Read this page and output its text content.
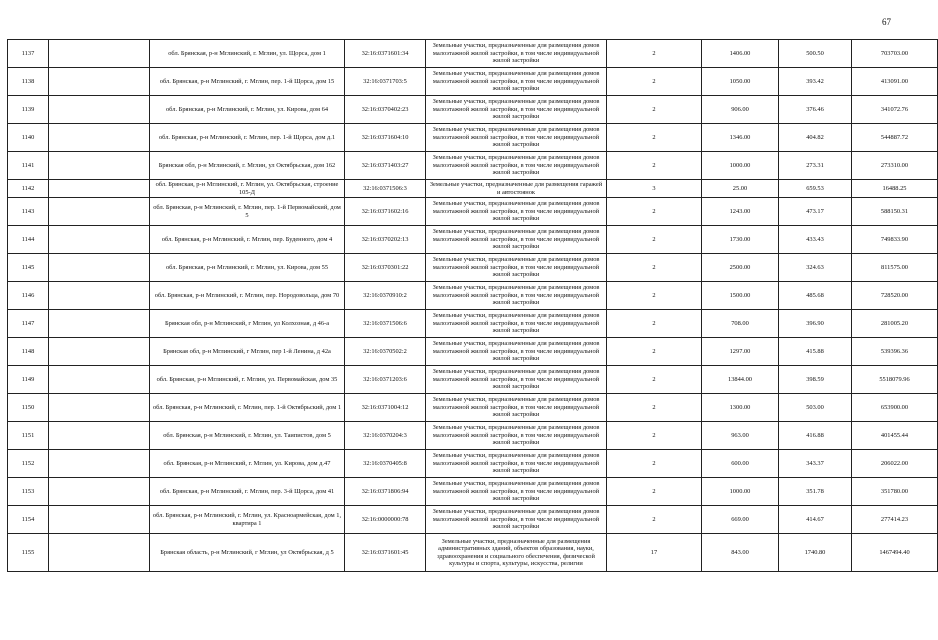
67
1137		обл. Брянская, р-н Мглинский, г. Мглин, ул. Щорса, дом 1	32:16:0371601:34	Земельные участки, предназначенные для размещения домов малоэтажной жилой застройки, в том числе индивидуальной жилой застройки	2	1406.00	500.50	703703.00
1138		обл. Брянская, р-н Мглинский, г. Мглин, пер. 1-й Щорса, дом 15	32:16:0371703:5	Земельные участки, предназначенные для размещения домов малоэтажной жилой застройки, в том числе индивидуальной жилой застройки	2	1050.00	393.42	413091.00
1139		обл. Брянская, р-н Мглинский, г. Мглин, ул. Кирова, дом 64	32:16:0370402:23	Земельные участки, предназначенные для размещения домов малоэтажной жилой застройки, в том числе индивидуальной жилой застройки	2	906.00	376.46	341072.76
1140		обл. Брянская, р-н Мглинский, г. Мглин, пер. 1-й Щорса, дом д.1	32:16:0371604:10	Земельные участки, предназначенные для размещения домов малоэтажной жилой застройки, в том числе индивидуальной жилой застройки	2	1346.00	404.82	544887.72
1141		Брянская обл, р-н Мглинский, г. Мглин, ул Октябрьская, дом 162	32:16:0371403:27	Земельные участки, предназначенные для размещения домов малоэтажной жилой застройки, в том числе индивидуальной жилой застройки	2	1000.00	273.31	273310.00
1142		обл. Брянская, р-н Мглинский, г. Мглин, ул. Октябрьская, строение 105-Д	32:16:0371506:3	Земельные участки, предназначенные для размещения гаражей и автостоянок	3	25.00	659.53	16488.25
1143		обл. Брянская, р-н Мглинский, г. Мглин, пер. 1-й Первомайский, дом 5	32:16:0371602:16	Земельные участки, предназначенные для размещения домов малоэтажной жилой застройки, в том числе индивидуальной жилой застройки	2	1243.00	473.17	588150.31
1144		обл. Брянская, р-н Мглинский, г. Мглин, пер. Буденного, дом 4	32:16:0370202:13	Земельные участки, предназначенные для размещения домов малоэтажной жилой застройки, в том числе индивидуальной жилой застройки	2	1730.00	433.43	749833.90
1145		обл. Брянская, р-н Мглинский, г. Мглин, ул. Кирова, дом 55	32:16:0370301:22	Земельные участки, предназначенные для размещения домов малоэтажной жилой застройки, в том числе индивидуальной жилой застройки	2	2500.00	324.63	811575.00
1146		обл. Брянская, р-н Мглинский, г. Мглин, пер. Нородовольца, дом 70	32:16:0370910:2	Земельные участки, предназначенные для размещения домов малоэтажной жилой застройки, в том числе индивидуальной жилой застройки	2	1500.00	485.68	728520.00
1147		Брянская обл, р-н Мглинский, г Мглин, ул Колхозная, д 46-а	32:16:0371506:6	Земельные участки, предназначенные для размещения домов малоэтажной жилой застройки, в том числе индивидуальной жилой застройки	2	708.00	396.90	281005.20
1148		Брянская обл, р-н Мглинский, г Мглин, пер 1-й Ленина, д 42а	32:16:0370502:2	Земельные участки, предназначенные для размещения домов малоэтажной жилой застройки, в том числе индивидуальной жилой застройки	2	1297.00	415.88	539396.36
1149		обл. Брянская, р-н Мглинский, г. Мглин, ул. Первомайская, дом 35	32:16:0371203:6	Земельные участки, предназначенные для размещения домов малоэтажной жилой застройки, в том числе индивидуальной жилой застройки	2	13844.00	398.59	5518079.96
1150		обл. Брянская, р-н Мглинский, г. Мглин, пер. 1-й Октябрьский, дом 1	32:16:0371004:12	Земельные участки, предназначенные для размещения домов малоэтажной жилой застройки, в том числе индивидуальной жилой застройки	2	1300.00	503.00	653900.00
1151		обл. Брянская, р-н Мглинский, г. Мглин, ул. Таипистов, дом 5	32:16:0370204:3	Земельные участки, предназначенные для размещения домов малоэтажной жилой застройки, в том числе индивидуальной жилой застройки	2	963.00	416.88	401455.44
1152		обл. Брянская, р-н Мглинский, г. Мглин, ул. Кирова, дом д.47	32:16:0370405:8	Земельные участки, предназначенные для размещения домов малоэтажной жилой застройки, в том числе индивидуальной жилой застройки	2	600.00	343.37	206022.00
1153		обл. Брянская, р-н Мглинский, г. Мглин, пер. 3-й Щорса, дом 41	32:16:0371806:94	Земельные участки, предназначенные для размещения домов малоэтажной жилой застройки, в том числе индивидуальной жилой застройки	2	1000.00	351.78	351780.00
1154		обл. Брянская, р-н Мглинский, г. Мглин, ул. Красноармейская, дом 1, квартира 1	32:16:0000000:78	Земельные участки, предназначенные для размещения домов малоэтажной жилой застройки, в том числе индивидуальной жилой застройки	2	669.00	414.67	277414.23
1155		Брянская область, р-н Мглинский, г Мглин, ул Октябрьская, д 5	32:16:0371601:45	Земельные участки, предназначенные для размещения административных зданий, объектов образования, науки, здравоохранения и социального обеспечения, физической культуры и спорта, культуры, искусства, религии	17	843.00	1740.80	1467494.40
